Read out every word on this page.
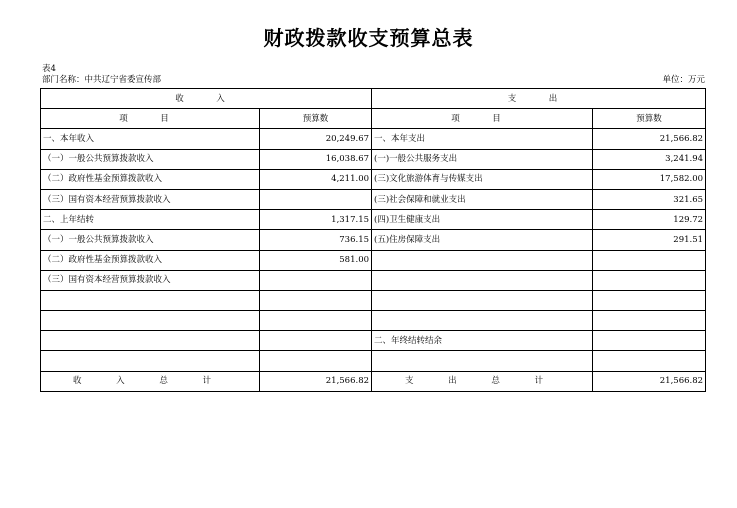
财政拨款收支预算总表
表4
部门名称：中共辽宁省委宣传部	单位：万元
收　入		支　出	
项　目	预算数	项　目	预算数
一、本年收入	20,249.67	一、本年支出	21,566.82
（一）一般公共预算拨款收入	16,038.67	(一)一般公共服务支出	3,241.94
（二）政府性基金预算拨款收入	4,211.00	(三)文化旅游体育与传媒支出	17,582.00
（三）国有资本经营预算拨款收入		(三)社会保障和就业支出	321.65
二、上年结转	1,317.15	(四)卫生健康支出	129.72
（一）一般公共预算拨款收入	736.15	(五)住房保障支出	291.51
（二）政府性基金预算拨款收入	581.00		
（三）国有资本经营预算拨款收入			

		二、年终结转结余	

收 入 总 计	21,566.82	支 出 总 计	21,566.82
